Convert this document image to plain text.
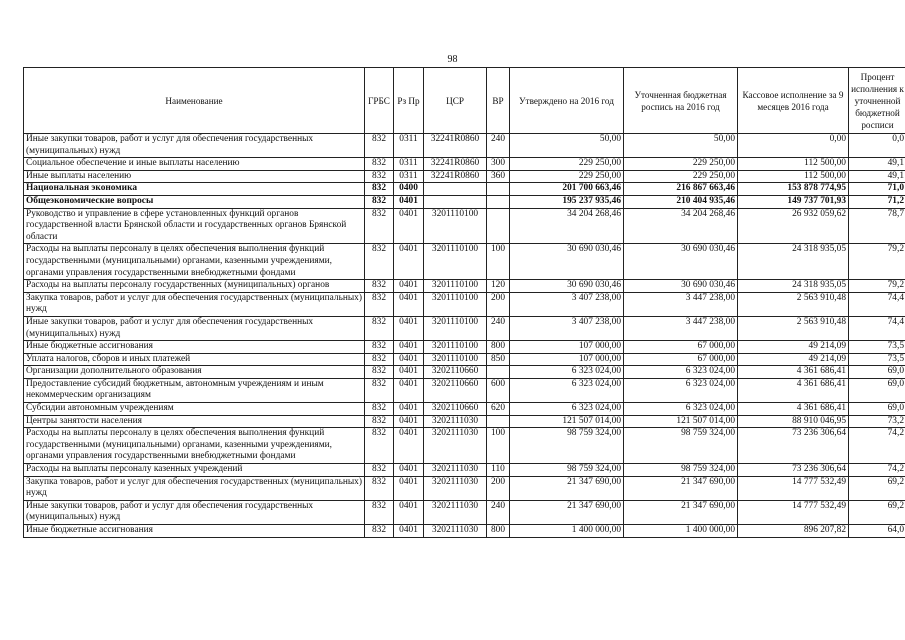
98
Наименование	ГРБС	Рз Пр	ЦСР	ВР	Утверждено на 2016 год	Уточненная бюджетная роспись на 2016 год	Кассовое исполнение за 9 месяцев 2016 года	Процент исполнения к уточненной бюджетной росписи
Иные закупки товаров, работ и услуг для обеспечения государственных (муниципальных) нужд	832	0311	32241R0860	240	50,00	50,00	0,00	0,0
Социальное обеспечение и иные выплаты населению	832	0311	32241R0860	300	229 250,00	229 250,00	112 500,00	49,1
Иные выплаты населению	832	0311	32241R0860	360	229 250,00	229 250,00	112 500,00	49,1
Национальная экономика	832	0400			201 700 663,46	216 867 663,46	153 878 774,95	71,0
Общеэкономические вопросы	832	0401			195 237 935,46	210 404 935,46	149 737 701,93	71,2
Руководство и управление в сфере установленных функций органов государственной власти Брянской области и государственных органов Брянской области	832	0401	3201110100		34 204 268,46	34 204 268,46	26 932 059,62	78,7
Расходы на выплаты персоналу в целях обеспечения выполнения функций государственными (муниципальными) органами, казенными учреждениями, органами управления государственными внебюджетными фондами	832	0401	3201110100	100	30 690 030,46	30 690 030,46	24 318 935,05	79,2
Расходы на выплаты персоналу государственных (муниципальных) органов	832	0401	3201110100	120	30 690 030,46	30 690 030,46	24 318 935,05	79,2
Закупка товаров, работ и услуг для обеспечения государственных (муниципальных) нужд	832	0401	3201110100	200	3 407 238,00	3 447 238,00	2 563 910,48	74,4
Иные закупки товаров, работ и услуг для обеспечения государственных (муниципальных) нужд	832	0401	3201110100	240	3 407 238,00	3 447 238,00	2 563 910,48	74,4
Иные бюджетные ассигнования	832	0401	3201110100	800	107 000,00	67 000,00	49 214,09	73,5
Уплата налогов, сборов и иных платежей	832	0401	3201110100	850	107 000,00	67 000,00	49 214,09	73,5
Организации дополнительного образования	832	0401	3202110660		6 323 024,00	6 323 024,00	4 361 686,41	69,0
Предоставление субсидий бюджетным, автономным учреждениям и иным некоммерческим организациям	832	0401	3202110660	600	6 323 024,00	6 323 024,00	4 361 686,41	69,0
Субсидии автономным учреждениям	832	0401	3202110660	620	6 323 024,00	6 323 024,00	4 361 686,41	69,0
Центры занятости населения	832	0401	3202111030		121 507 014,00	121 507 014,00	88 910 046,95	73,2
Расходы на выплаты персоналу в целях обеспечения выполнения функций государственными (муниципальными) органами, казенными учреждениями, органами управления государственными внебюджетными фондами	832	0401	3202111030	100	98 759 324,00	98 759 324,00	73 236 306,64	74,2
Расходы на выплаты персоналу казенных учреждений	832	0401	3202111030	110	98 759 324,00	98 759 324,00	73 236 306,64	74,2
Закупка товаров, работ и услуг для обеспечения государственных (муниципальных) нужд	832	0401	3202111030	200	21 347 690,00	21 347 690,00	14 777 532,49	69,2
Иные закупки товаров, работ и услуг для обеспечения государственных (муниципальных) нужд	832	0401	3202111030	240	21 347 690,00	21 347 690,00	14 777 532,49	69,2
Иные бюджетные ассигнования	832	0401	3202111030	800	1 400 000,00	1 400 000,00	896 207,82	64,0
